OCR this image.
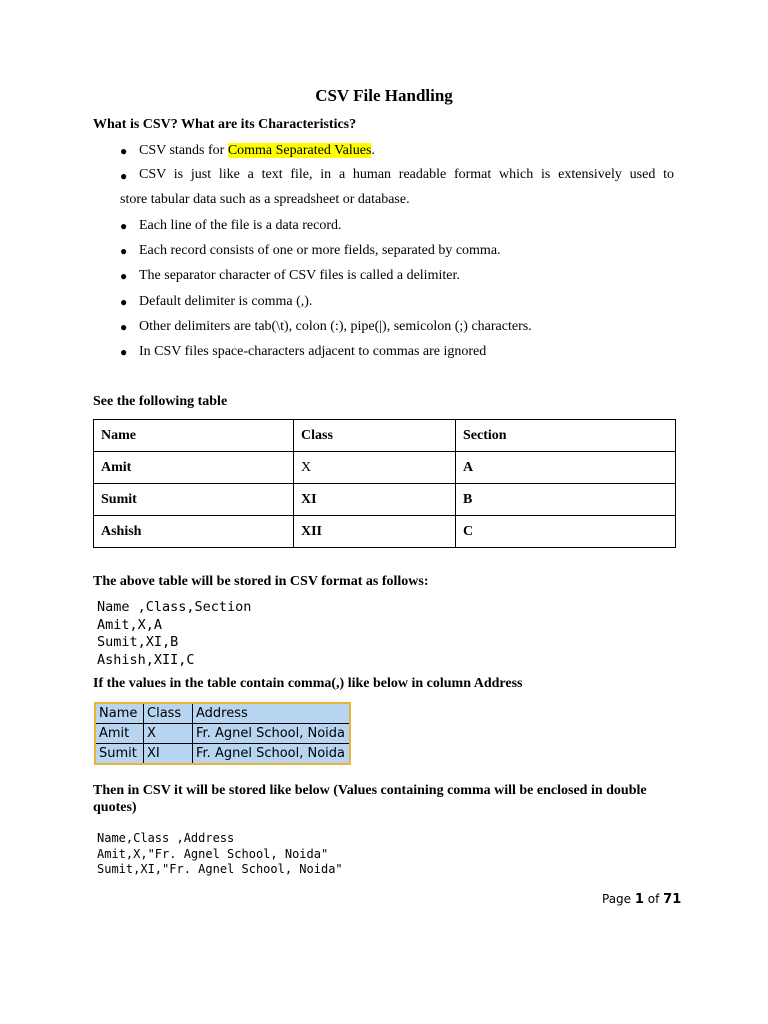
CSV File Handling
What is CSV? What are its Characteristics?
● CSV stands for Comma Separated Values.
● CSV is just like a text file, in a human readable format which is extensively used to
store tabular data such as a spreadsheet or database.
● Each line of the file is a data record.
● Each record consists of one or more fields, separated by comma.
● The separator character of CSV files is called a delimiter.
● Default delimiter is comma (,).
● Other delimiters are tab(\t), colon (:), pipe(|), semicolon (;) characters.
● In CSV files space-characters adjacent to commas are ignored
See the following table
Name	Class	Section
Amit	X	A
Sumit	XI	B
Ashish	XII	C
The above table will be stored in CSV format as follows:
Name ,Class,Section
Amit,X,A
Sumit,XI,B
Ashish,XII,C
If the values in the table contain comma(,) like below in column Address
Name	Class	Address
Amit	X	Fr. Agnel School, Noida
Sumit	XI	Fr. Agnel School, Noida
Then in CSV it will be stored like below (Values containing comma will be enclosed in double quotes)
Name,Class ,Address
Amit,X,"Fr. Agnel School, Noida"
Sumit,XI,"Fr. Agnel School, Noida"
Page 1 of 71
